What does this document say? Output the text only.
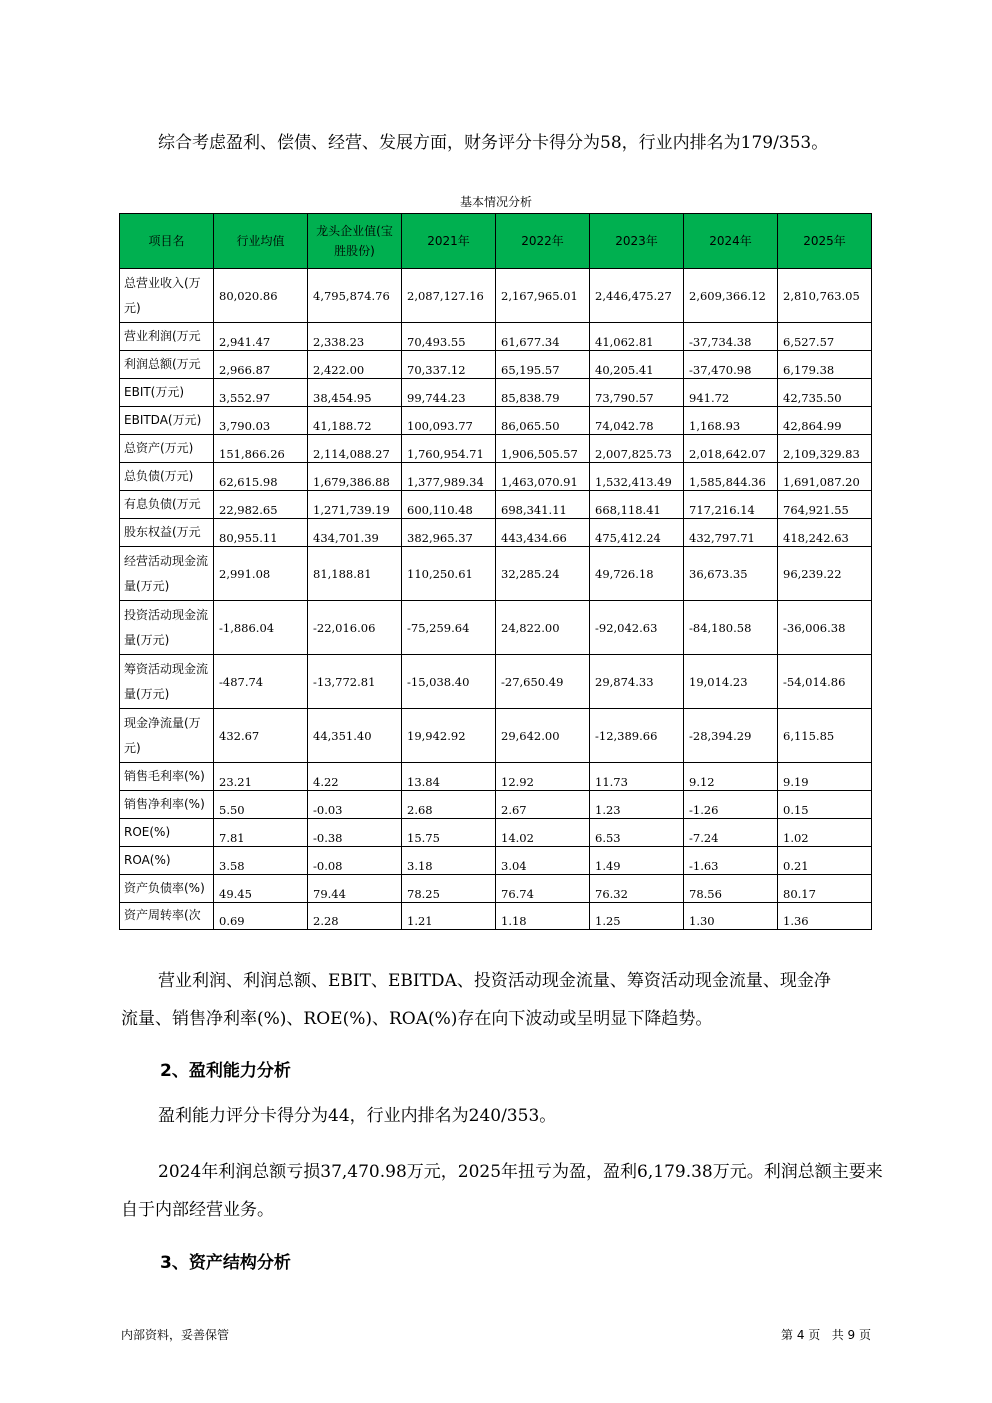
综合考虑盈利、偿债、经营、发展方面，财务评分卡得分为58，行业内排名为179/353。
基本情况分析
项目名	行业均值	龙头企业值(宝胜股份)	2021年	2022年	2023年	2024年	2025年
总营业收入(万元)	80,020.86	4,795,874.76	2,087,127.16	2,167,965.01	2,446,475.27	2,609,366.12	2,810,763.05
营业利润(万元	2,941.47	2,338.23	70,493.55	61,677.34	41,062.81	-37,734.38	6,527.57
利润总额(万元	2,966.87	2,422.00	70,337.12	65,195.57	40,205.41	-37,470.98	6,179.38
EBIT(万元)	3,552.97	38,454.95	99,744.23	85,838.79	73,790.57	941.72	42,735.50
EBITDA(万元)	3,790.03	41,188.72	100,093.77	86,065.50	74,042.78	1,168.93	42,864.99
总资产(万元)	151,866.26	2,114,088.27	1,760,954.71	1,906,505.57	2,007,825.73	2,018,642.07	2,109,329.83
总负债(万元)	62,615.98	1,679,386.88	1,377,989.34	1,463,070.91	1,532,413.49	1,585,844.36	1,691,087.20
有息负债(万元	22,982.65	1,271,739.19	600,110.48	698,341.11	668,118.41	717,216.14	764,921.55
股东权益(万元	80,955.11	434,701.39	382,965.37	443,434.66	475,412.24	432,797.71	418,242.63
经营活动现金流量(万元)	2,991.08	81,188.81	110,250.61	32,285.24	49,726.18	36,673.35	96,239.22
投资活动现金流量(万元)	-1,886.04	-22,016.06	-75,259.64	24,822.00	-92,042.63	-84,180.58	-36,006.38
筹资活动现金流量(万元)	-487.74	-13,772.81	-15,038.40	-27,650.49	29,874.33	19,014.23	-54,014.86
现金净流量(万元)	432.67	44,351.40	19,942.92	29,642.00	-12,389.66	-28,394.29	6,115.85
销售毛利率(%)	23.21	4.22	13.84	12.92	11.73	9.12	9.19
销售净利率(%)	5.50	-0.03	2.68	2.67	1.23	-1.26	0.15
ROE(%)	7.81	-0.38	15.75	14.02	6.53	-7.24	1.02
ROA(%)	3.58	-0.08	3.18	3.04	1.49	-1.63	0.21
资产负债率(%)	49.45	79.44	78.25	76.74	76.32	78.56	80.17
资产周转率(次	0.69	2.28	1.21	1.18	1.25	1.30	1.36
营业利润、利润总额、EBIT、EBITDA、投资活动现金流量、筹资活动现金流量、现金净
流量、销售净利率(%)、ROE(%)、ROA(%)存在向下波动或呈明显下降趋势。
2、盈利能力分析
盈利能力评分卡得分为44，行业内排名为240/353。
2024年利润总额亏损37,470.98万元，2025年扭亏为盈，盈利6,179.38万元。利润总额主要来
自于内部经营业务。
3、资产结构分析
内部资料，妥善保管	第 4 页   共 9 页
